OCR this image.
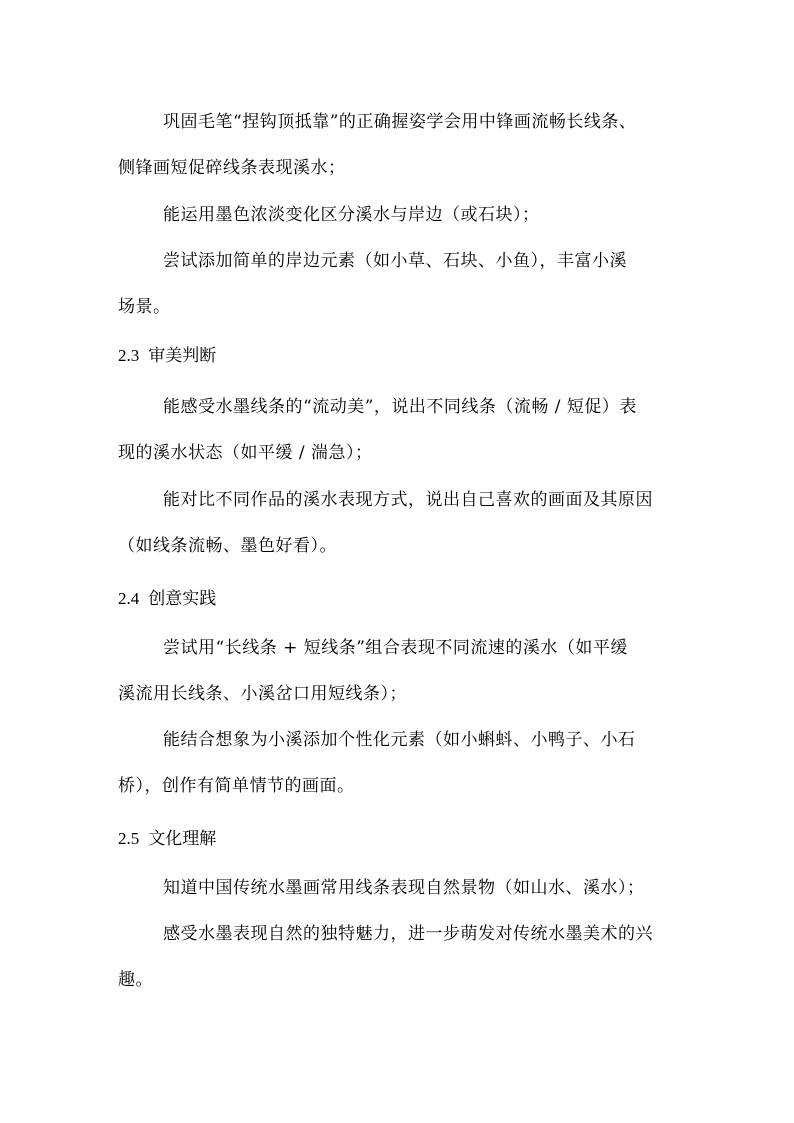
巩固毛笔“捏钩顶抵靠”的正确握姿学会用中锋画流畅长线条、
侧锋画短促碎线条表现溪水；
能运用墨色浓淡变化区分溪水与岸边（或石块）；
尝试添加简单的岸边元素（如小草、石块、小鱼），丰富小溪
场景。
2.3 审美判断
能感受水墨线条的“流动美”，说出不同线条（流畅 / 短促）表
现的溪水状态（如平缓 / 湍急）；
能对比不同作品的溪水表现方式，说出自己喜欢的画面及其原因
（如线条流畅、墨色好看）。
2.4 创意实践
尝试用“长线条 + 短线条”组合表现不同流速的溪水（如平缓
溪流用长线条、小溪岔口用短线条）；
能结合想象为小溪添加个性化元素（如小蝌蚪、小鸭子、小石
桥），创作有简单情节的画面。
2.5 文化理解
知道中国传统水墨画常用线条表现自然景物（如山水、溪水）；
感受水墨表现自然的独特魅力，进一步萌发对传统水墨美术的兴
趣。
